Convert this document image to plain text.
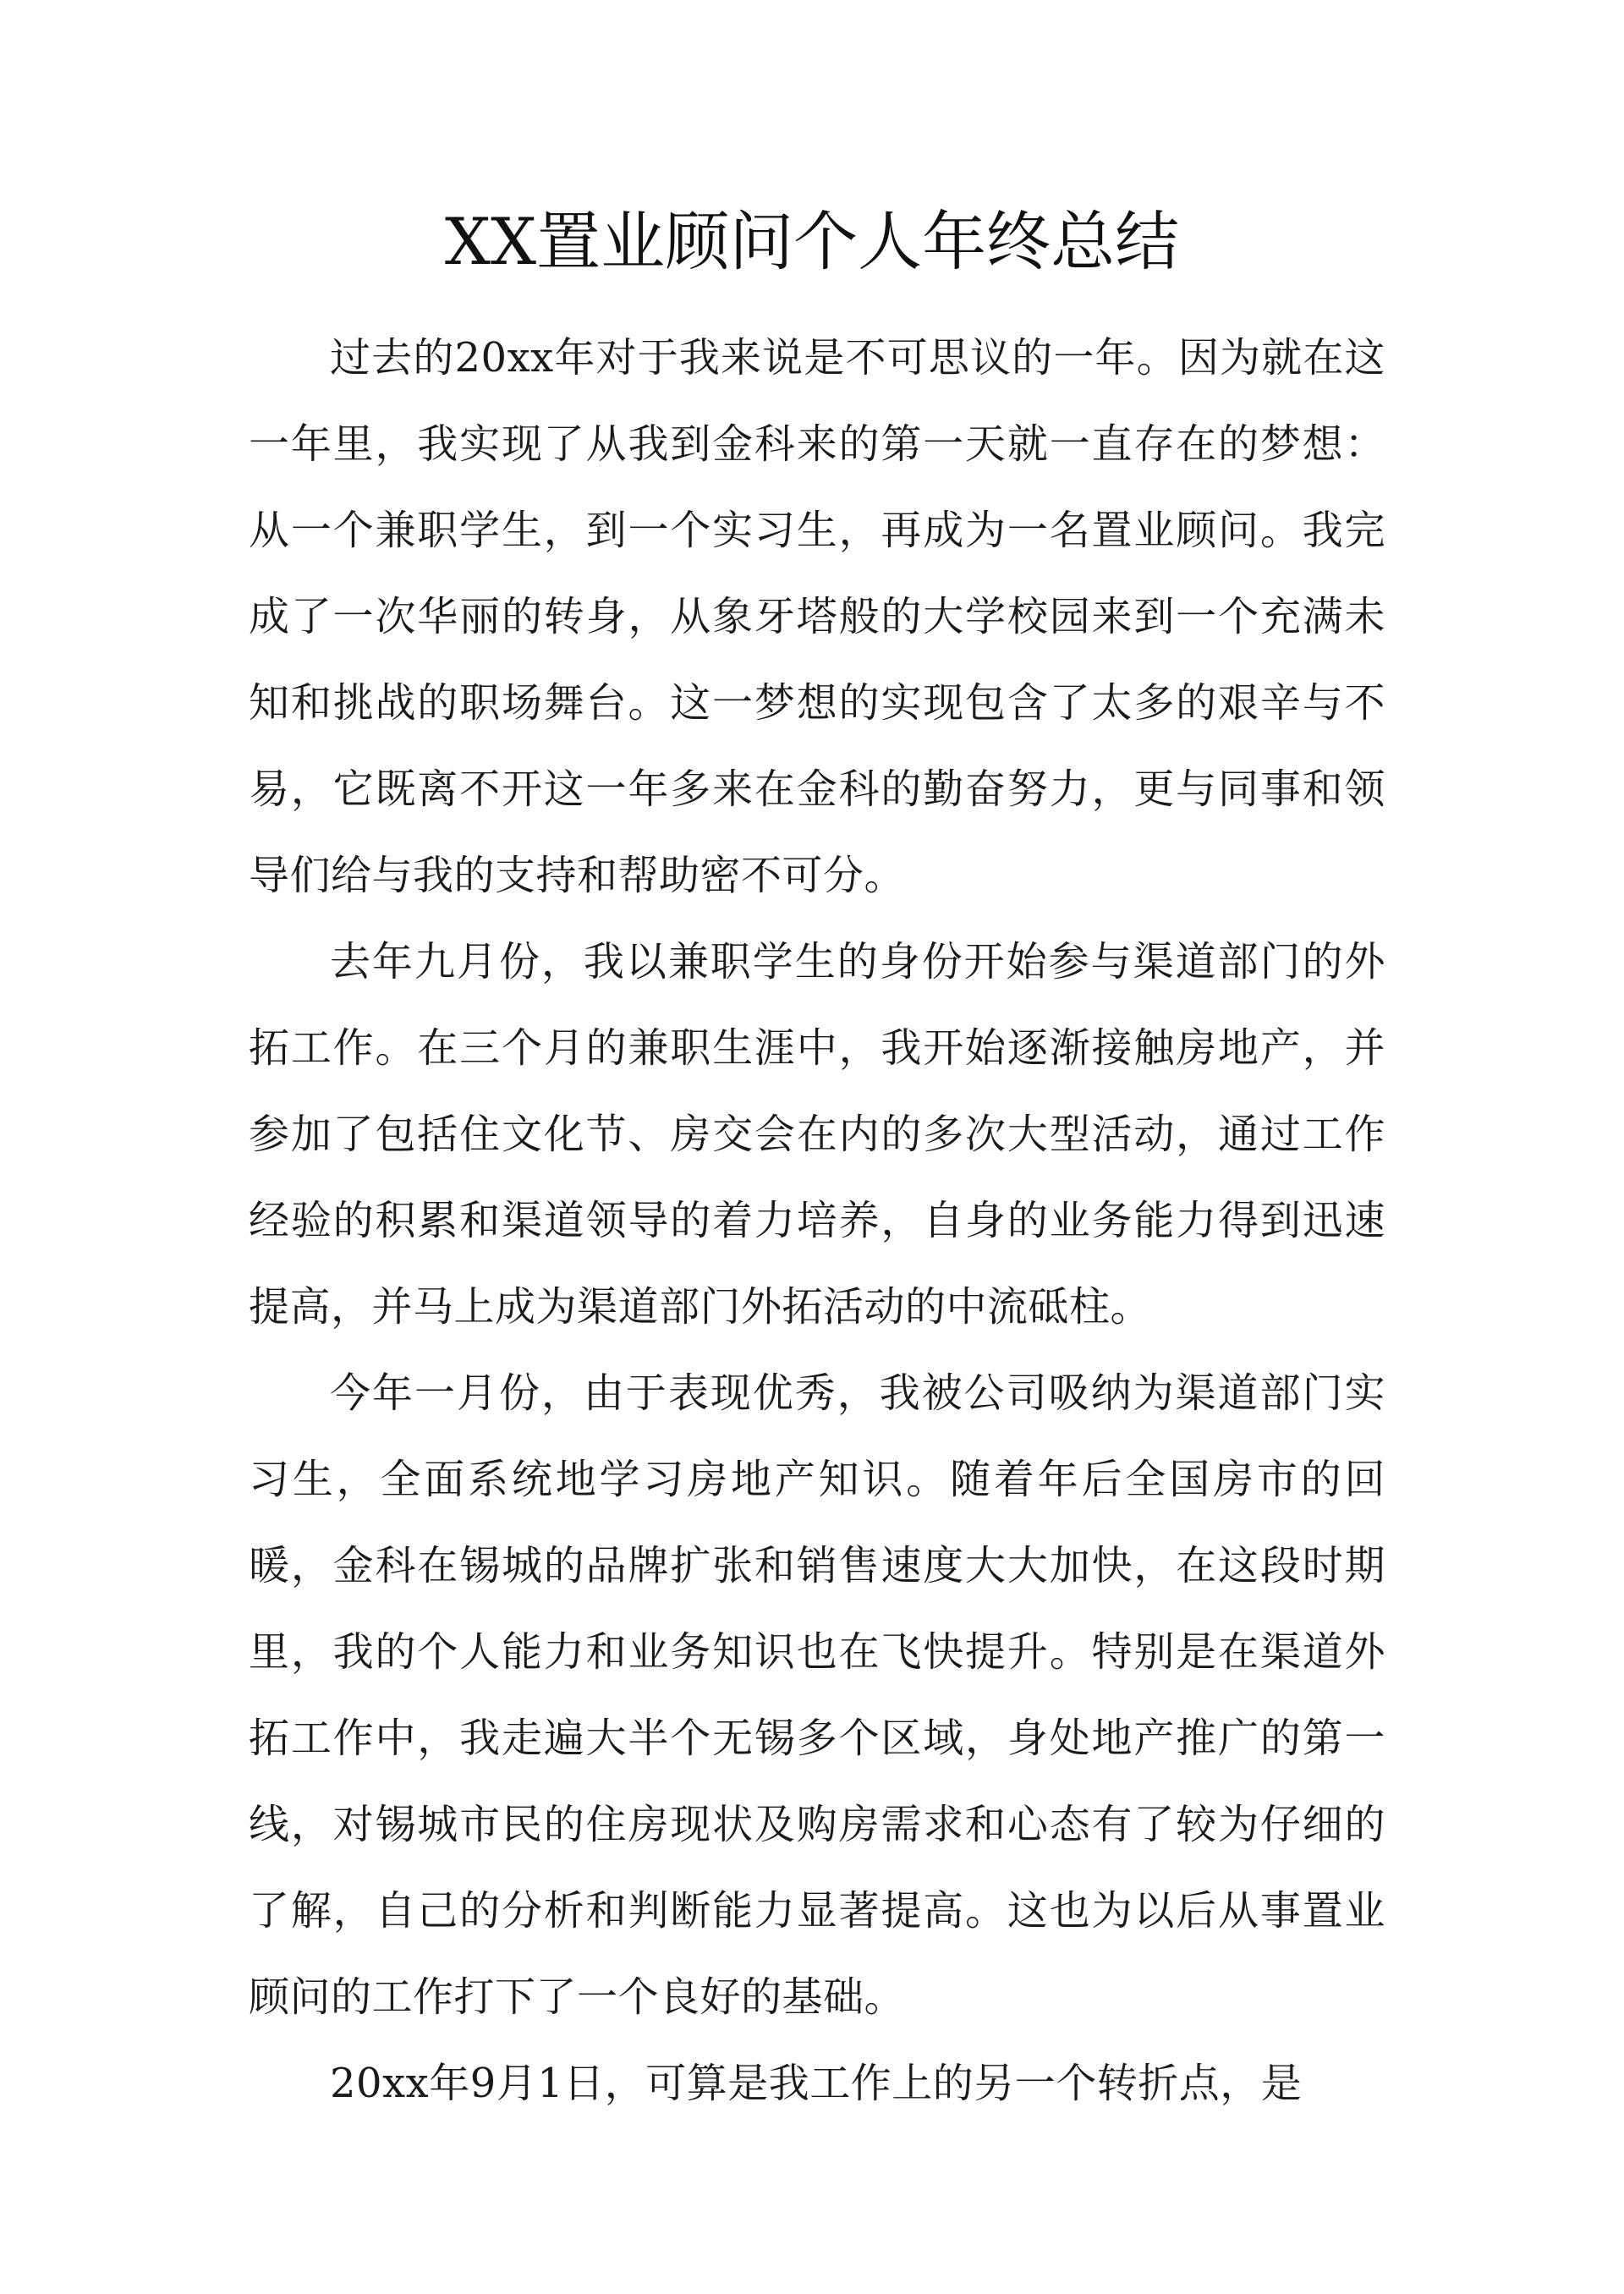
XX置业顾问个人年终总结

过去的20xx年对于我来说是不可思议的一年。因为就在这一年里，我实现了从我到金科来的第一天就一直存在的梦想：从一个兼职学生，到一个实习生，再成为一名置业顾问。我完成了一次华丽的转身，从象牙塔般的大学校园来到一个充满未知和挑战的职场舞台。这一梦想的实现包含了太多的艰辛与不易，它既离不开这一年多来在金科的勤奋努力，更与同事和领导们给与我的支持和帮助密不可分。

去年九月份，我以兼职学生的身份开始参与渠道部门的外拓工作。在三个月的兼职生涯中，我开始逐渐接触房地产，并参加了包括住文化节、房交会在内的多次大型活动，通过工作经验的积累和渠道领导的着力培养，自身的业务能力得到迅速提高，并马上成为渠道部门外拓活动的中流砥柱。

今年一月份，由于表现优秀，我被公司吸纳为渠道部门实习生，全面系统地学习房地产知识。随着年后全国房市的回暖，金科在锡城的品牌扩张和销售速度大大加快，在这段时期里，我的个人能力和业务知识也在飞快提升。特别是在渠道外拓工作中，我走遍大半个无锡多个区域，身处地产推广的第一线，对锡城市民的住房现状及购房需求和心态有了较为仔细的了解，自己的分析和判断能力显著提高。这也为以后从事置业顾问的工作打下了一个良好的基础。

20xx年9月1日，可算是我工作上的另一个转折点，是
